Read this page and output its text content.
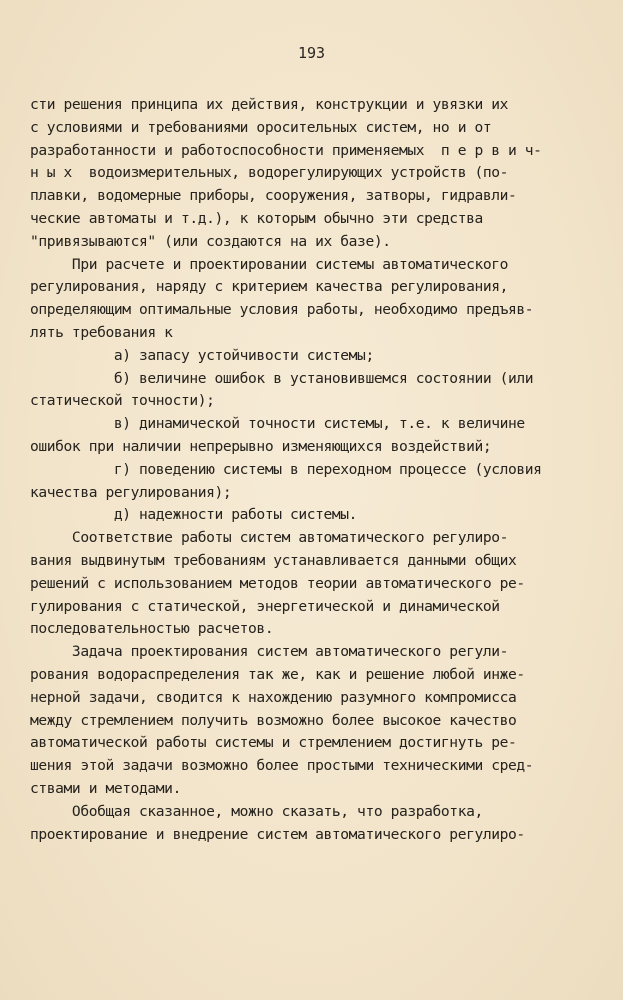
193
сти решения принципа их действия, конструкции и увязки их
с условиями и требованиями оросительных систем, но и от
разработанности и работоспособности применяемых  п е р в и ч-
н ы х  водоизмерительных, водорегулирующих устройств (по-
плавки, водомерные приборы, сооружения, затворы, гидравли-
ческие автоматы и т.д.), к которым обычно эти средства
"привязываются" (или создаются на их базе).
При расчете и проектировании системы автоматического
регулирования, наряду с критерием качества регулирования,
определяющим оптимальные условия работы, необходимо предъяв-
лять требования к
а) запасу устойчивости системы;
б) величине ошибок в установившемся состоянии (или
статической точности);
в) динамической точности системы, т.е. к величине
ошибок при наличии непрерывно изменяющихся воздействий;
г) поведению системы в переходном процессе (условия
качества регулирования);
д) надежности работы системы.
Соответствие работы систем автоматического регулиро-
вания выдвинутым требованиям устанавливается данными общих
решений с использованием методов теории автоматического ре-
гулирования с статической, энергетической и динамической
последовательностью расчетов.
Задача проектирования систем автоматического регули-
рования водораспределения так же, как и решение любой инже-
нерной задачи, сводится к нахождению разумного компромисса
между стремлением получить возможно более высокое качество
автоматической работы системы и стремлением достигнуть ре-
шения этой задачи возможно более простыми техническими сред-
ствами и методами.
Обобщая сказанное, можно сказать, что разработка,
проектирование и внедрение систем автоматического регулиро-
